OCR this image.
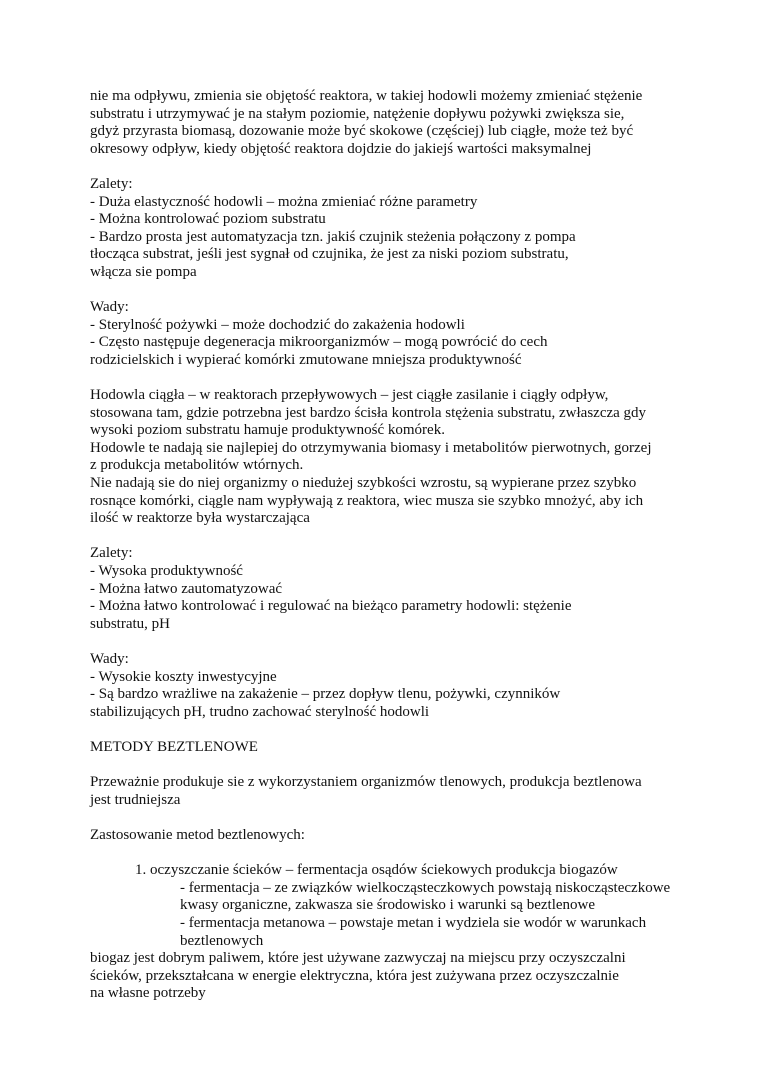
nie ma odpływu, zmienia sie objętość reaktora, w takiej hodowli możemy zmieniać stężenie

substratu i utrzymywać je na stałym poziomie, natężenie dopływu pożywki zwiększa sie,

gdyż przyrasta biomasą, dozowanie może być skokowe (częściej) lub ciągłe, może też być

okresowy odpływ, kiedy objętość reaktora dojdzie do jakiejś wartości maksymalnej

Zalety:

- Duża elastyczność hodowli – można zmieniać różne parametry

- Można kontrolować poziom substratu

- Bardzo prosta jest automatyzacja tzn. jakiś czujnik steżenia połączony z pompa

tłocząca substrat, jeśli jest sygnał od czujnika, że jest za niski poziom substratu,

włącza sie pompa

Wady:

- Sterylność pożywki – może dochodzić do zakażenia hodowli

- Często następuje degeneracja mikroorganizmów – mogą powrócić do cech

rodzicielskich i wypierać komórki zmutowane mniejsza produktywność

Hodowla ciągła – w reaktorach przepływowych – jest ciągłe zasilanie i ciągły odpływ,

stosowana tam, gdzie potrzebna jest bardzo ścisła kontrola stężenia substratu, zwłaszcza gdy

wysoki poziom substratu hamuje produktywność komórek.

Hodowle te nadają sie najlepiej do otrzymywania biomasy i metabolitów pierwotnych, gorzej

z produkcja metabolitów wtórnych.

Nie nadają sie do niej organizmy o niedużej szybkości wzrostu, są wypierane przez szybko

rosnące komórki, ciągle nam wypływają z reaktora, wiec musza sie szybko mnożyć, aby ich

ilość w reaktorze była wystarczająca

Zalety:

- Wysoka produktywność

- Można łatwo zautomatyzować

- Można łatwo kontrolować i regulować na bieżąco parametry hodowli: stężenie

substratu, pH

Wady:

- Wysokie koszty inwestycyjne

- Są bardzo wrażliwe na zakażenie – przez dopływ tlenu, pożywki, czynników

stabilizujących pH, trudno zachować sterylność hodowli

METODY BEZTLENOWE

Przeważnie produkuje sie z wykorzystaniem organizmów tlenowych, produkcja beztlenowa

jest trudniejsza

Zastosowanie metod beztlenowych:

1. oczyszczanie ścieków – fermentacja osądów ściekowych produkcja biogazów

- fermentacja – ze związków wielkocząsteczkowych powstają niskocząsteczkowe

kwasy organiczne, zakwasza sie środowisko i warunki są beztlenowe

- fermentacja metanowa – powstaje metan i wydziela sie wodór w warunkach

beztlenowych

biogaz jest dobrym paliwem, które jest używane zazwyczaj na miejscu przy oczyszczalni

ścieków, przekształcana w energie elektryczna, która jest zużywana przez oczyszczalnie

na własne potrzeby
